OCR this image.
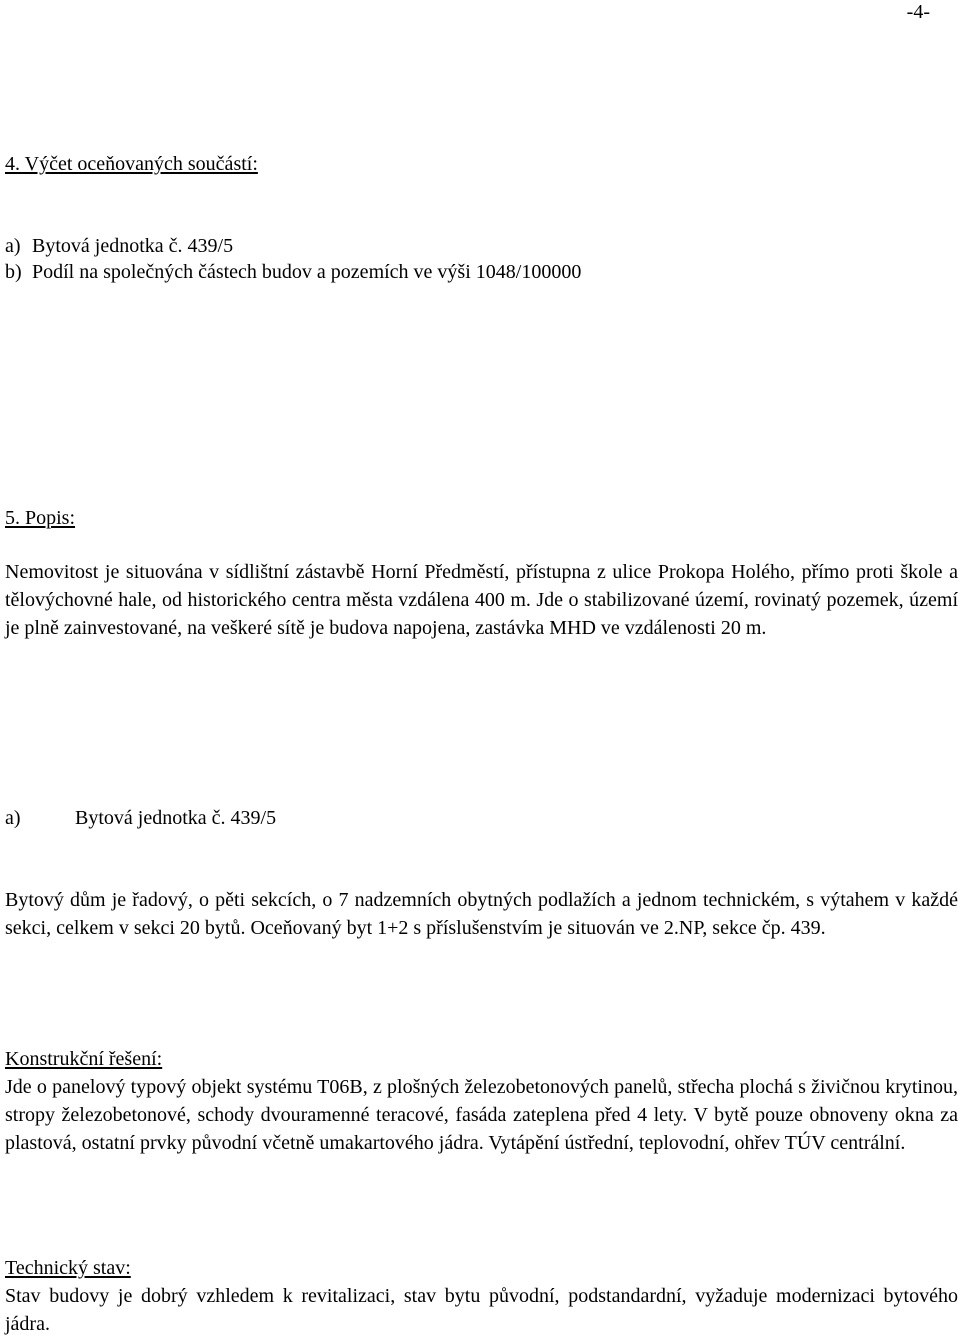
-4-
4. Výčet oceňovaných součástí:
a) Bytová jednotka č. 439/5
b) Podíl na společných částech budov a pozemích ve výši 1048/100000
5. Popis:

Nemovitost je situována v sídlištní zástavbě Horní Předměstí, přístupna z ulice Prokopa Holého, přímo proti škole a tělovýchovné hale, od historického centra města vzdálena 400 m. Jde o stabilizované území, rovinatý pozemek, území je plně zainvestované, na veškeré sítě je budova napojena, zastávka MHD ve vzdálenosti 20 m.

a)	Bytová jednotka č. 439/5

Bytový dům je řadový, o pěti sekcích, o 7 nadzemních obytných podlažích a jednom technickém, s výtahem v každé sekci, celkem v sekci 20 bytů. Oceňovaný byt 1+2 s příslušenstvím je situován ve 2.NP, sekce čp. 439.

Konstrukční řešení:

Jde o panelový typový objekt systému T06B, z plošných železobetonových panelů, střecha plochá s živičnou krytinou, stropy železobetonové, schody dvouramenné teracové, fasáda zateplena před 4 lety. V bytě pouze obnoveny okna za plastová, ostatní prvky původní včetně umakartového jádra. Vytápění ústřední, teplovodní, ohřev TÚV centrální.

Technický stav:

Stav budovy je dobrý vzhledem k revitalizaci, stav bytu původní, podstandardní, vyžaduje modernizaci bytového jádra.
